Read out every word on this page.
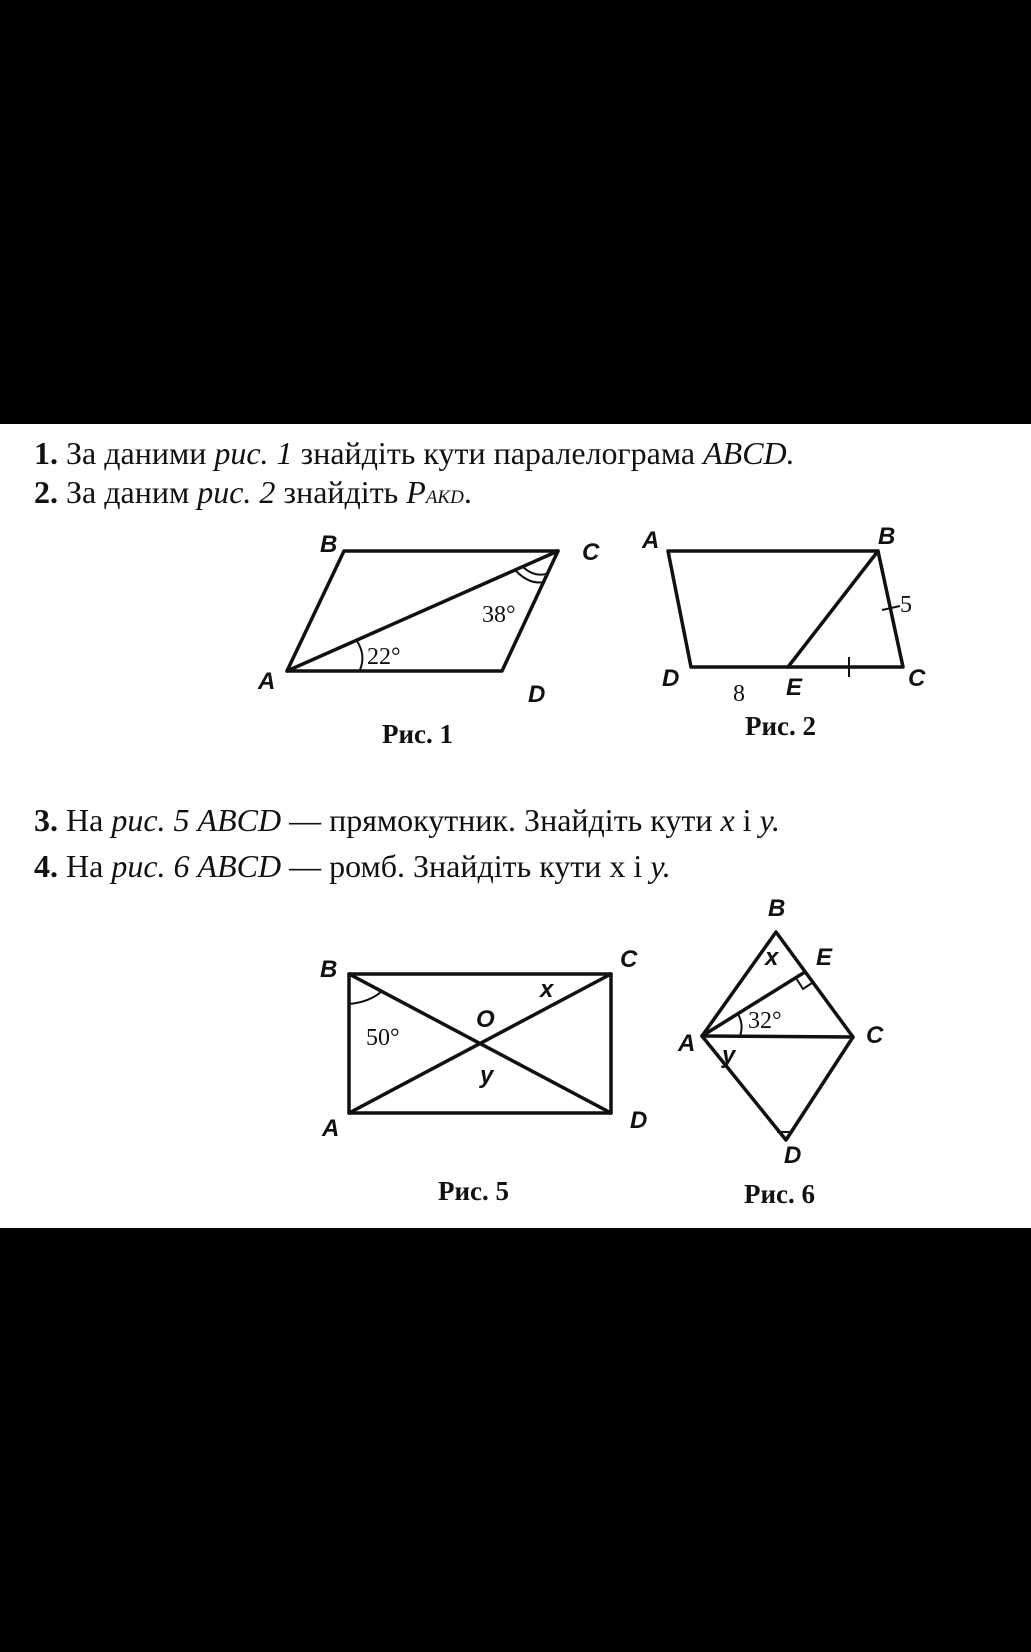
1. За даними рис. 1 знайдіть кути паралелограма ABCD.
2. За даним рис. 2 знайдіть PAKD.
3. На рис. 5 ABCD — прямокутник. Знайдіть кути x і y.
4. На рис. 6 ABCD — ромб. Знайдіть кути х і y.
B	C
A	D
22°
38°
Рис. 1
A	B
C
D	E
5
8
Рис. 2
B	C
A	D
O
50°
x
y
Рис. 5
B
E
C
A
D
32°
x
y
Рис. 6
